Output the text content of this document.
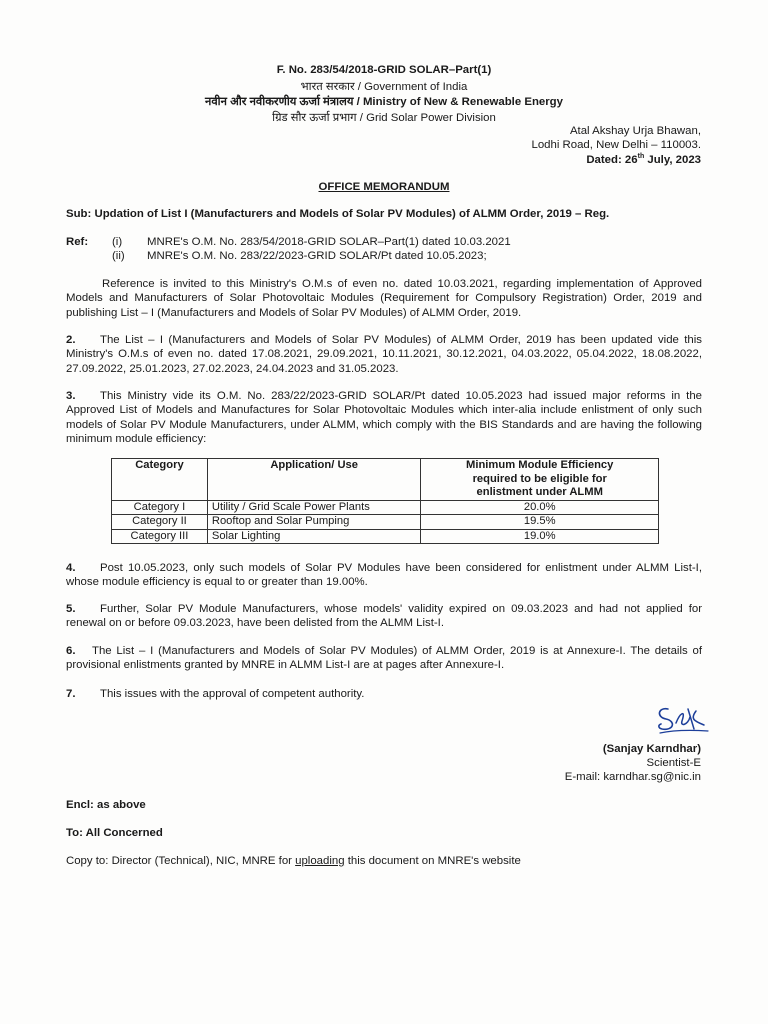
F. No. 283/54/2018-GRID SOLAR–Part(1)
भारत सरकार / Government of India
नवीन और नवीकरणीय ऊर्जा मंत्रालय / Ministry of New & Renewable Energy
ग्रिड सौर ऊर्जा प्रभाग / Grid Solar Power Division
Atal Akshay Urja Bhawan,
Lodhi Road, New Delhi – 110003.
Dated: 26th July, 2023
OFFICE MEMORANDUM
Sub: Updation of List I (Manufacturers and Models of Solar PV Modules) of ALMM Order, 2019 – Reg.
Ref: (i) MNRE's O.M. No. 283/54/2018-GRID SOLAR–Part(1) dated 10.03.2021
(ii) MNRE's O.M. No. 283/22/2023-GRID SOLAR/Pt dated 10.05.2023;

Reference is invited to this Ministry's O.M.s of even no. dated 10.03.2021, regarding implementation of Approved Models and Manufacturers of Solar Photovoltaic Modules (Requirement for Compulsory Registration) Order, 2019 and publishing List – I (Manufacturers and Models of Solar PV Modules) of ALMM Order, 2019.

2. The List – I (Manufacturers and Models of Solar PV Modules) of ALMM Order, 2019 has been updated vide this Ministry's O.M.s of even no. dated 17.08.2021, 29.09.2021, 10.11.2021, 30.12.2021, 04.03.2022, 05.04.2022, 18.08.2022, 27.09.2022, 25.01.2023, 27.02.2023, 24.04.2023 and 31.05.2023.

3. This Ministry vide its O.M. No. 283/22/2023-GRID SOLAR/Pt dated 10.05.2023 had issued major reforms in the Approved List of Models and Manufactures for Solar Photovoltaic Modules which inter-alia include enlistment of only such models of Solar PV Module Manufacturers, under ALMM, which comply with the BIS Standards and are having the following minimum module efficiency:

Category	Application/ Use	Minimum Module Efficiency required to be eligible for enlistment under ALMM
Category I	Utility / Grid Scale Power Plants	20.0%
Category II	Rooftop and Solar Pumping	19.5%
Category III	Solar Lighting	19.0%

4. Post 10.05.2023, only such models of Solar PV Modules have been considered for enlistment under ALMM List-I, whose module efficiency is equal to or greater than 19.00%.

5. Further, Solar PV Module Manufacturers, whose models' validity expired on 09.03.2023 and had not applied for renewal on or before 09.03.2023, have been delisted from the ALMM List-I.

6. The List – I (Manufacturers and Models of Solar PV Modules) of ALMM Order, 2019 is at Annexure-I. The details of provisional enlistments granted by MNRE in ALMM List-I are at pages after Annexure-I.

7. This issues with the approval of competent authority.

(Sanjay Karndhar)
Scientist-E
E-mail: karndhar.sg@nic.in
Encl: as above
To: All Concerned
Copy to: Director (Technical), NIC, MNRE for uploading this document on MNRE's website
